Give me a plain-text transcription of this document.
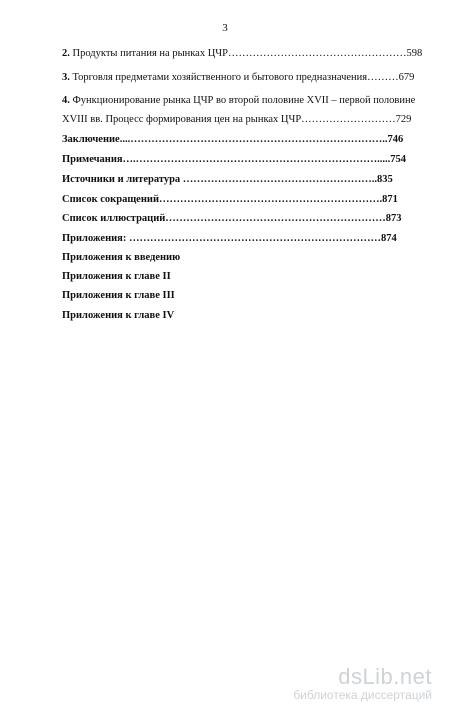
3
2. Продукты питания на рынках ЦЧР……………………………………………598
3. Торговля предметами хозяйственного и бытового предназначения………679
4. Функционирование рынка ЦЧР во второй половине XVII – первой половине
XVIII вв. Процесс формирования цен на рынках ЦЧР………………………729
Заключение....………………………………………………………………..746
Примечания….…………………………………………………………….....754
Источники и литература ………………………………………………..835
Список сокращений……………………………………………………….871
Список иллюстраций………………………………………………………873
Приложения: ………………………………………………………………874
Приложения к введению
Приложения к главе II
Приложения к главе III
Приложения к главе IV
dsLib.net
библиотека диссертаций
